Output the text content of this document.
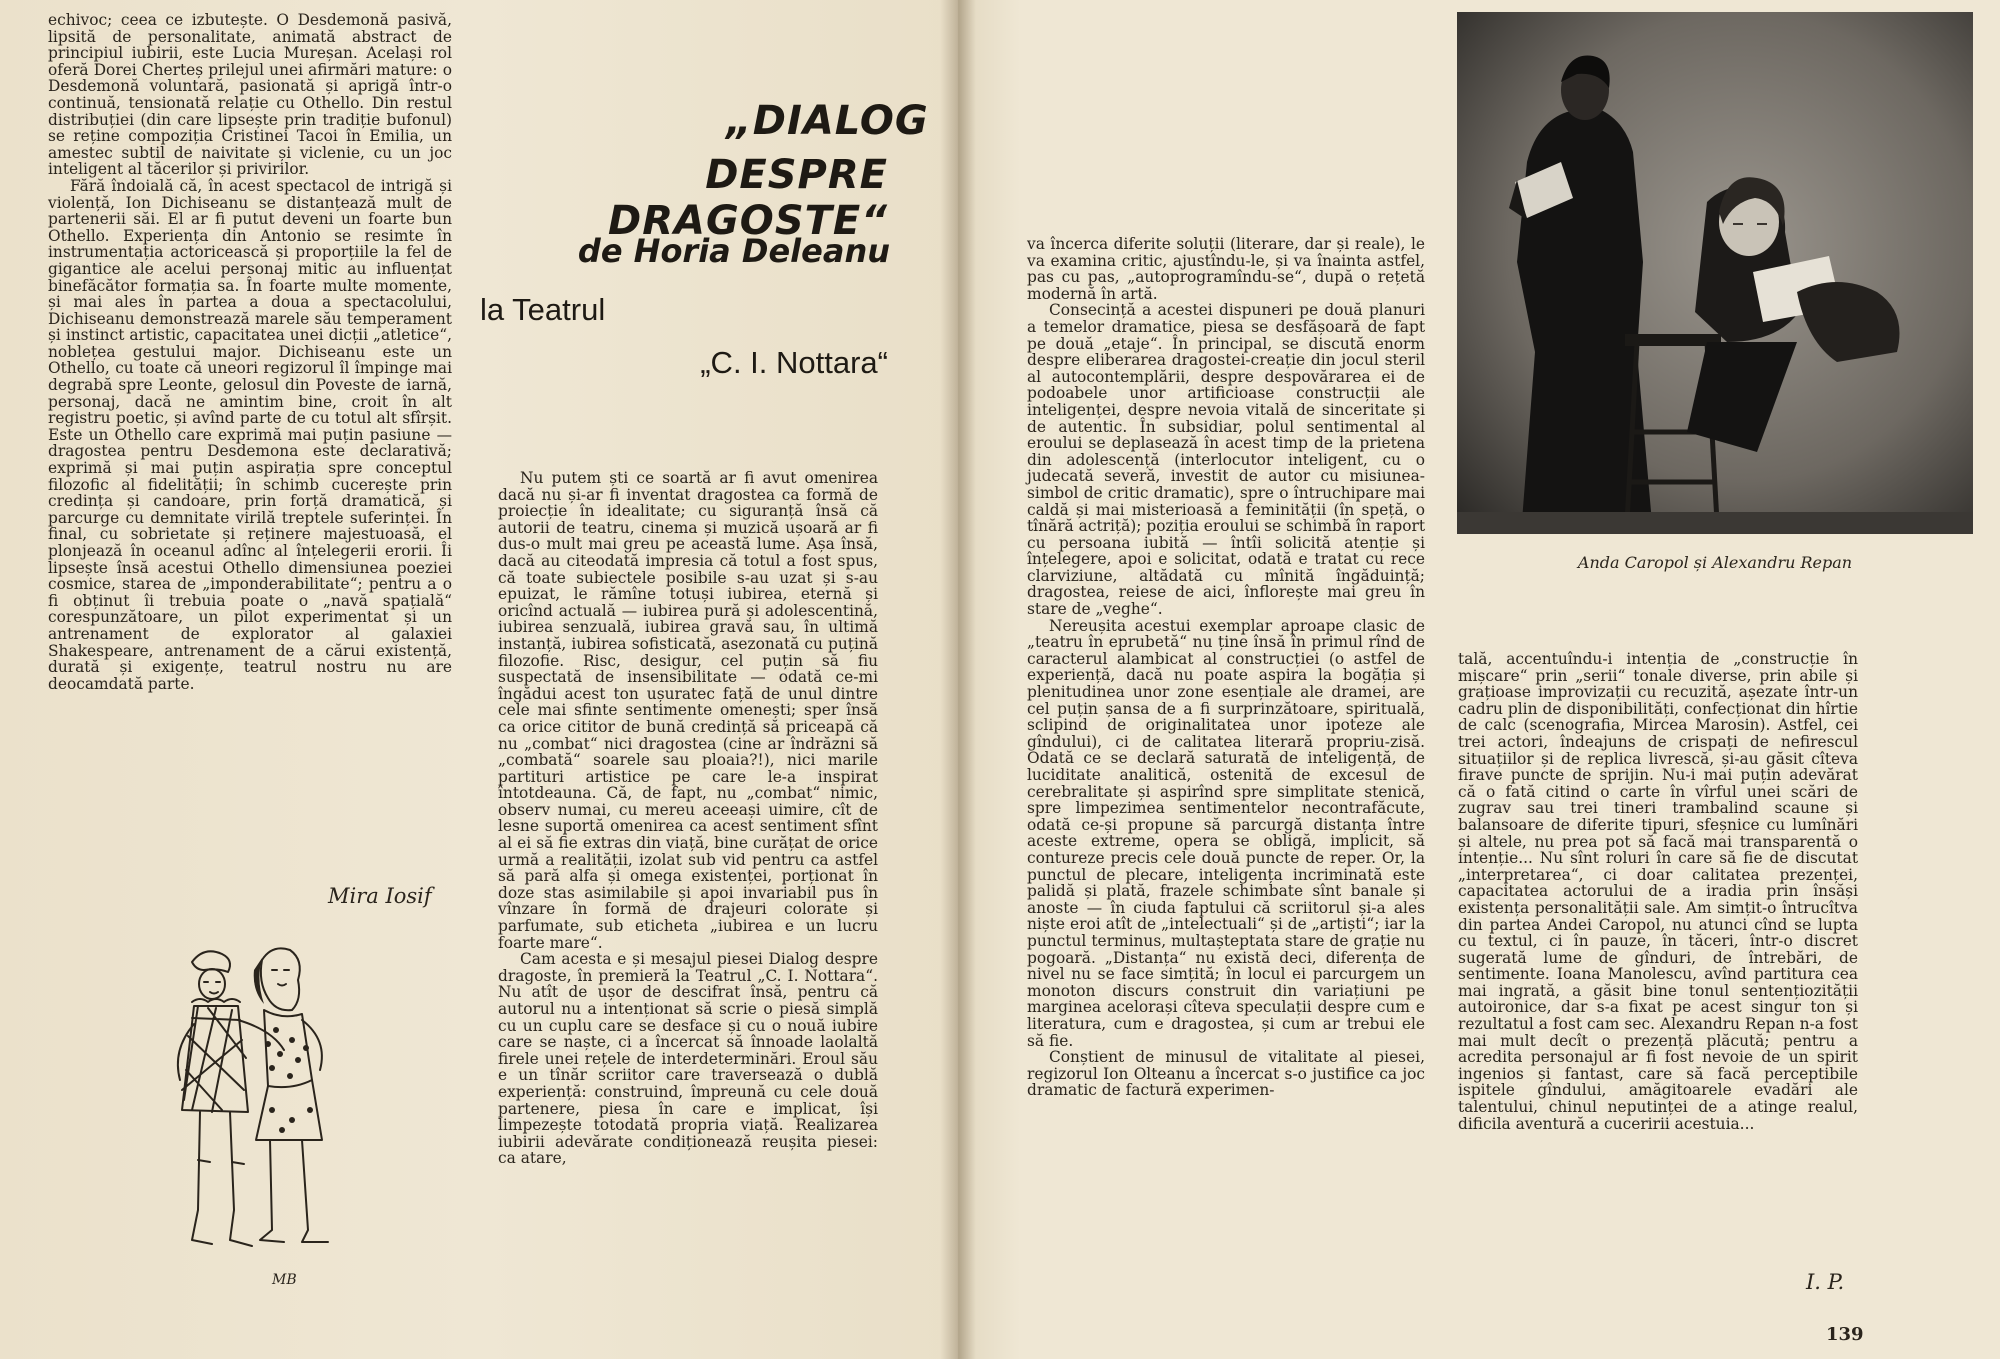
echivoc; ceea ce izbutește. O Desdemonă pasivă, lipsită de personalitate, animată abstract de principiul iubirii, este Lucia Mureșan. Același rol oferă Dorei Cherteș prilejul unei afirmări mature: o Desdemonă voluntară, pasionată și aprigă într-o continuă, tensionată relație cu Othello. Din restul distribuției (din care lipsește prin tradiție bufonul) se reține compoziția Cristinei Tacoi în Emilia, un amestec subtil de naivitate și viclenie, cu un joc inteligent al tăcerilor și privirilor.

Fără îndoială că, în acest spectacol de intrigă și violență, Ion Dichiseanu se distanțează mult de partenerii săi. El ar fi putut deveni un foarte bun Othello. Experiența din Antonio se resimte în instrumentația actoricească și proporțiile la fel de gigantice ale acelui personaj mitic au influențat binefăcător formația sa. În foarte multe momente, și mai ales în partea a doua a spectacolului, Dichiseanu demonstrează marele său temperament și instinct artistic, capacitatea unei dicții „atletice“, noblețea gestului major. Dichiseanu este un Othello, cu toate că uneori regizorul îl împinge mai degrabă spre Leonte, gelosul din Poveste de iarnă, personaj, dacă ne amintim bine, croit în alt registru poetic, și avînd parte de cu totul alt sfîrșit. Este un Othello care exprimă mai puțin pasiune — dragostea pentru Desdemona este declarativă; exprimă și mai puțin aspirația spre conceptul filozofic al fidelității; în schimb cucerește prin credința și candoare, prin forță dramatică, și parcurge cu demnitate virilă treptele suferinței. În final, cu sobrietate și reținere majestuoasă, el plonjează în oceanul adînc al înțelegerii erorii. Îi lipsește însă acestui Othello dimensiunea poeziei cosmice, starea de „imponderabilitate“; pentru a o fi obținut îi trebuia poate o „navă spațială“ corespunzătoare, un pilot experimentat și un antrenament de explorator al galaxiei Shakespeare, antrenament de a cărui existență, durată și exigențe, teatrul nostru nu are deocamdată parte.

Mira Iosif
MB
„DIALOG
DESPRE DRAGOSTE“
de Horia Deleanu
la Teatrul
„C. I. Nottara“

Nu putem ști ce soartă ar fi avut omenirea dacă nu și-ar fi inventat dragostea ca formă de proiecție în idealitate; cu siguranță însă că autorii de teatru, cinema și muzică ușoară ar fi dus-o mult mai greu pe această lume. Așa însă, dacă au citeodată impresia că totul a fost spus, că toate subiectele posibile s-au uzat și s-au epuizat, le rămîne totuși iubirea, eternă și oricînd actuală — iubirea pură și adolescentină, iubirea senzuală, iubirea gravă sau, în ultimă instanță, iubirea sofisticată, asezonată cu puțină filozofie. Risc, desigur, cel puțin să fiu suspectată de insensibilitate — odată ce-mi îngădui acest ton ușuratec față de unul dintre cele mai sfinte sentimente omenești; sper însă ca orice cititor de bună credință să priceapă că nu „combat“ nici dragostea (cine ar îndrăzni să „combată“ soarele sau ploaia?!), nici marile partituri artistice pe care le-a inspirat întotdeauna. Că, de fapt, nu „combat“ nimic, observ numai, cu mereu aceeași uimire, cît de lesne suportă omenirea ca acest sentiment sfînt al ei să fie extras din viață, bine curățat de orice urmă a realității, izolat sub vid pentru ca astfel să pară alfa și omega existenței, porționat în doze stas asimilabile și apoi invariabil pus în vînzare în formă de drajeuri colorate și parfumate, sub eticheta „iubirea e un lucru foarte mare“.

Cam acesta e și mesajul piesei Dialog despre dragoste, în premieră la Teatrul „C. I. Nottara“. Nu atît de ușor de descifrat însă, pentru că autorul nu a intenționat să scrie o piesă simplă cu un cuplu care se desface și cu o nouă iubire care se naște, ci a încercat să înnoade laolaltă firele unei rețele de interdeterminări. Eroul său e un tînăr scriitor care traversează o dublă experiență: construind, împreună cu cele două partenere, piesa în care e implicat, își limpezește totodată propria viață. Realizarea iubirii adevărate condiționează reușita piesei: ca atare,

va încerca diferite soluții (literare, dar și reale), le va examina critic, ajustîndu-le, și va înainta astfel, pas cu pas, „autoprogramîndu-se“, după o rețetă modernă în artă.

Consecință a acestei dispuneri pe două planuri a temelor dramatice, piesa se desfășoară de fapt pe două „etaje“. În principal, se discută enorm despre eliberarea dragostei-creație din jocul steril al autocontemplării, despre despovărarea ei de podoabele unor artificioase construcții ale inteligenței, despre nevoia vitală de sinceritate și de autentic. În subsidiar, polul sentimental al eroului se deplasează în acest timp de la prietena din adolescență (interlocutor inteligent, cu o judecată severă, investit de autor cu misiunea-simbol de critic dramatic), spre o întruchipare mai caldă și mai misterioasă a feminității (în speță, o tînără actriță); poziția eroului se schimbă în raport cu persoana iubită — întîi solicită atenție și înțelegere, apoi e solicitat, odată e tratat cu rece clarviziune, altădată cu mînită îngăduință; dragostea, reiese de aici, înflorește mai greu în stare de „veghe“.

Nereușita acestui exemplar aproape clasic de „teatru în eprubetă“ nu ține însă în primul rînd de caracterul alambicat al construcției (o astfel de experiență, dacă nu poate aspira la bogăția și plenitudinea unor zone esențiale ale dramei, are cel puțin șansa de a fi surprinzătoare, spirituală, sclipind de originalitatea unor ipoteze ale gîndului), ci de calitatea literară propriu-zisă. Odată ce se declară saturată de inteligență, de luciditate analitică, ostenită de excesul de cerebralitate și aspirînd spre simplitate stenică, spre limpezimea sentimentelor necontrafăcute, odată ce-și propune să parcurgă distanța între aceste extreme, opera se obligă, implicit, să contureze precis cele două puncte de reper. Or, la punctul de plecare, inteligența incriminată este palidă și plată, frazele schimbate sînt banale și anoste — în ciuda faptului că scriitorul și-a ales niște eroi atît de „intelectuali“ și de „artiști“; iar la punctul terminus, multașteptata stare de grație nu pogoară. „Distanța“ nu există deci, diferența de nivel nu se face simțită; în locul ei parcurgem un monoton discurs construit din variațiuni pe marginea acelorași cîteva speculații despre cum e literatura, cum e dragostea, și cum ar trebui ele să fie.

Conștient de minusul de vitalitate al piesei, regizorul Ion Olteanu a încercat s-o justifice ca joc dramatic de factură experimen-

Anda Caropol și Alexandru Repan

tală, accentuîndu-i intenția de „construcție în mișcare“ prin „serii“ tonale diverse, prin abile și grațioase improvizații cu recuzită, așezate într-un cadru plin de disponibilități, confecționat din hîrtie de calc (scenografia, Mircea Marosin). Astfel, cei trei actori, îndeajuns de crispați de nefirescul situațiilor și de replica livrescă, și-au găsit cîteva firave puncte de sprijin. Nu-i mai puțin adevărat că o fată citind o carte în vîrful unei scări de zugrav sau trei tineri trambalind scaune și balansoare de diferite tipuri, sfeșnice cu lumînări și altele, nu prea pot să facă mai transparentă o intenție... Nu sînt roluri în care să fie de discutat „interpretarea“, ci doar calitatea prezenței, capacitatea actorului de a iradia prin însăși existența personalității sale. Am simțit-o întrucîtva din partea Andei Caropol, nu atunci cînd se lupta cu textul, ci în pauze, în tăceri, într-o discret sugerată lume de gînduri, de întrebări, de sentimente. Ioana Manolescu, avînd partitura cea mai ingrată, a găsit bine tonul sentențiozității autoironice, dar s-a fixat pe acest singur ton și rezultatul a fost cam sec. Alexandru Repan n-a fost mai mult decît o prezență plăcută; pentru a acredita personajul ar fi fost nevoie de un spirit ingenios și fantast, care să facă perceptibile ispitele gîndului, amăgitoarele evadări ale talentului, chinul neputinței de a atinge realul, dificila aventură a cuceririi acestuia...

I. P.
139
